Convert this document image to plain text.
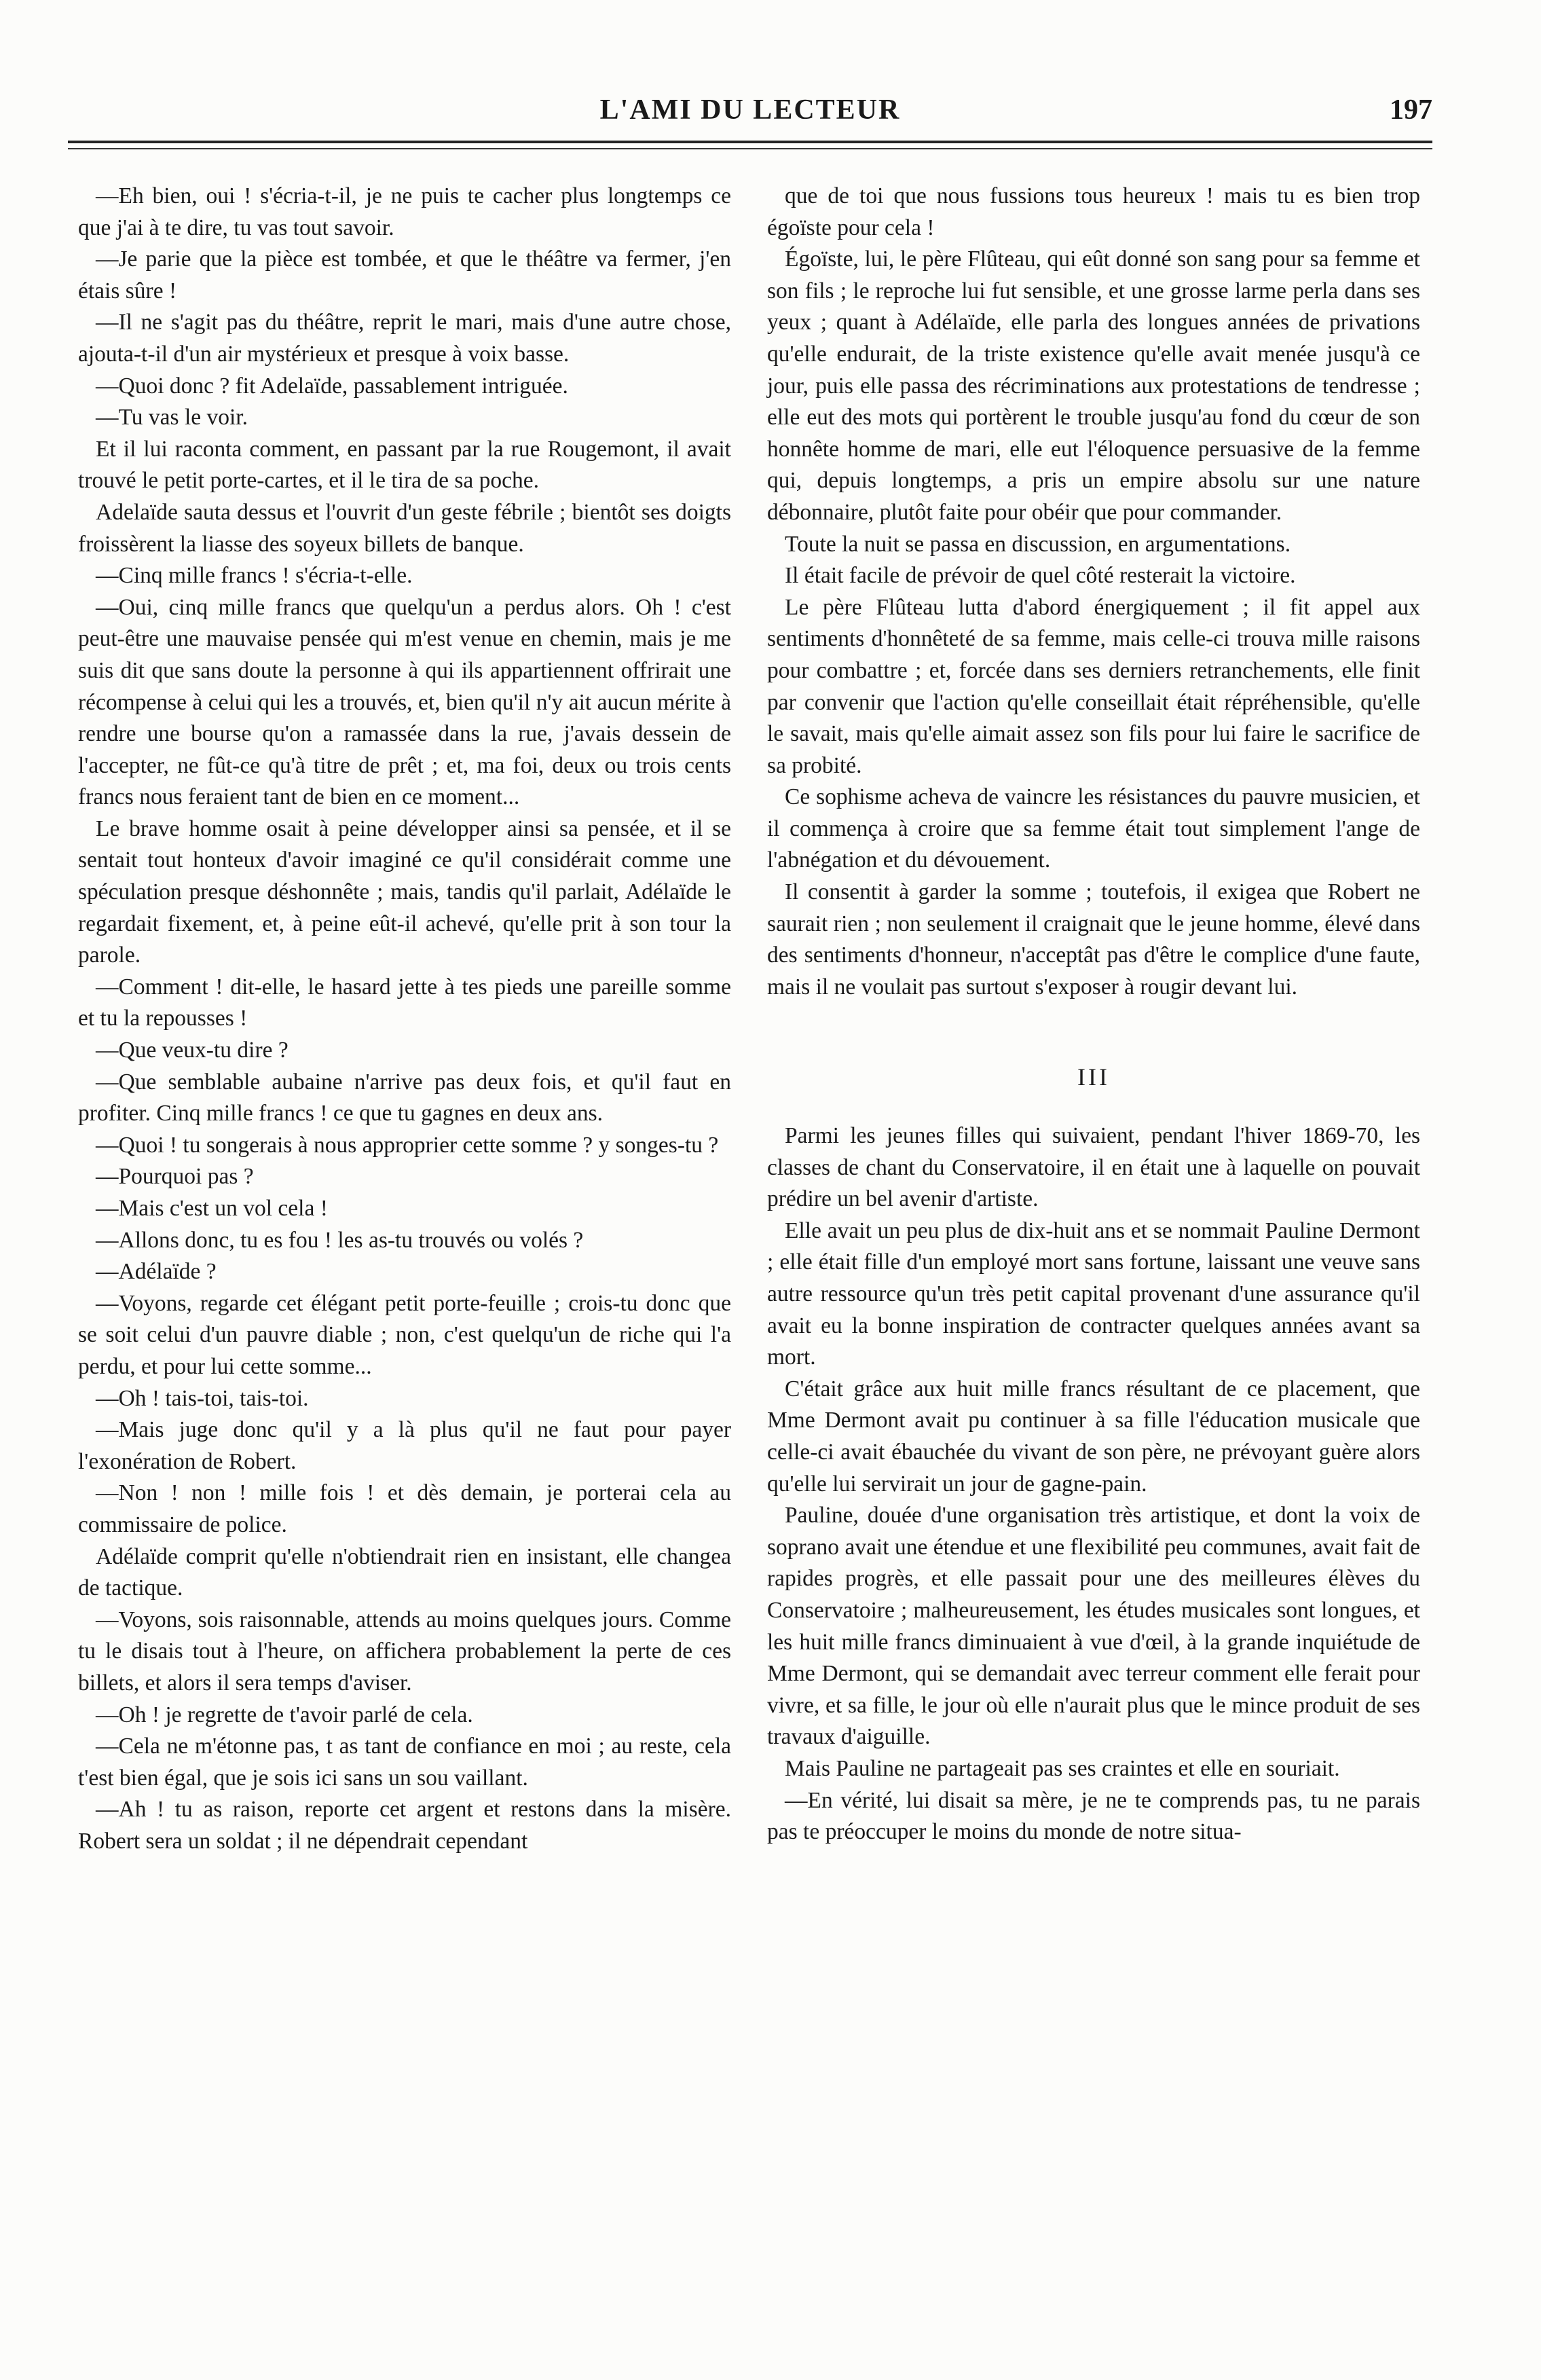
L'AMI DU LECTEUR	197

—Eh bien, oui ! s'écria-t-il, je ne puis te cacher plus longtemps ce que j'ai à te dire, tu vas tout savoir.

—Je parie que la pièce est tombée, et que le théâtre va fermer, j'en étais sûre !

—Il ne s'agit pas du théâtre, reprit le mari, mais d'une autre chose, ajouta-t-il d'un air mystérieux et presque à voix basse.

—Quoi donc ? fit Adelaïde, passablement intriguée.

—Tu vas le voir.

Et il lui raconta comment, en passant par la rue Rougemont, il avait trouvé le petit porte-cartes, et il le tira de sa poche.

Adelaïde sauta dessus et l'ouvrit d'un geste fébrile ; bientôt ses doigts froissèrent la liasse des soyeux billets de banque.

—Cinq mille francs ! s'écria-t-elle.

—Oui, cinq mille francs que quelqu'un a perdus alors. Oh ! c'est peut-être une mauvaise pensée qui m'est venue en chemin, mais je me suis dit que sans doute la personne à qui ils appartiennent offrirait une récompense à celui qui les a trouvés, et, bien qu'il n'y ait aucun mérite à rendre une bourse qu'on a ramassée dans la rue, j'avais dessein de l'accepter, ne fût-ce qu'à titre de prêt ; et, ma foi, deux ou trois cents francs nous feraient tant de bien en ce moment...

Le brave homme osait à peine développer ainsi sa pensée, et il se sentait tout honteux d'avoir imaginé ce qu'il considérait comme une spéculation presque déshonnête ; mais, tandis qu'il parlait, Adélaïde le regardait fixement, et, à peine eût-il achevé, qu'elle prit à son tour la parole.

—Comment ! dit-elle, le hasard jette à tes pieds une pareille somme et tu la repousses !

—Que veux-tu dire ?

—Que semblable aubaine n'arrive pas deux fois, et qu'il faut en profiter. Cinq mille francs ! ce que tu gagnes en deux ans.

—Quoi ! tu songerais à nous approprier cette somme ? y songes-tu ?

—Pourquoi pas ?

—Mais c'est un vol cela !

—Allons donc, tu es fou ! les as-tu trouvés ou volés ?

—Adélaïde ?

—Voyons, regarde cet élégant petit porte-feuille ; crois-tu donc que se soit celui d'un pauvre diable ; non, c'est quelqu'un de riche qui l'a perdu, et pour lui cette somme...

—Oh ! tais-toi, tais-toi.

—Mais juge donc qu'il y a là plus qu'il ne faut pour payer l'exonération de Robert.

—Non ! non ! mille fois ! et dès demain, je porterai cela au commissaire de police.

Adélaïde comprit qu'elle n'obtiendrait rien en insistant, elle changea de tactique.

—Voyons, sois raisonnable, attends au moins quelques jours. Comme tu le disais tout à l'heure, on affichera probablement la perte de ces billets, et alors il sera temps d'aviser.

—Oh ! je regrette de t'avoir parlé de cela.

—Cela ne m'étonne pas, t as tant de confiance en moi ; au reste, cela t'est bien égal, que je sois ici sans un sou vaillant.

—Ah ! tu as raison, reporte cet argent et restons dans la misère. Robert sera un soldat ; il ne dépendrait cependant

que de toi que nous fussions tous heureux ! mais tu es bien trop égoïste pour cela !

Égoïste, lui, le père Flûteau, qui eût donné son sang pour sa femme et son fils ; le reproche lui fut sensible, et une grosse larme perla dans ses yeux ; quant à Adélaïde, elle parla des longues années de privations qu'elle endurait, de la triste existence qu'elle avait menée jusqu'à ce jour, puis elle passa des récriminations aux protestations de tendresse ; elle eut des mots qui portèrent le trouble jusqu'au fond du cœur de son honnête homme de mari, elle eut l'éloquence persuasive de la femme qui, depuis longtemps, a pris un empire absolu sur une nature débonnaire, plutôt faite pour obéir que pour commander.

Toute la nuit se passa en discussion, en argumentations.

Il était facile de prévoir de quel côté resterait la victoire.

Le père Flûteau lutta d'abord énergiquement ; il fit appel aux sentiments d'honnêteté de sa femme, mais celle-ci trouva mille raisons pour combattre ; et, forcée dans ses derniers retranchements, elle finit par convenir que l'action qu'elle conseillait était répréhensible, qu'elle le savait, mais qu'elle aimait assez son fils pour lui faire le sacrifice de sa probité.

Ce sophisme acheva de vaincre les résistances du pauvre musicien, et il commença à croire que sa femme était tout simplement l'ange de l'abnégation et du dévouement.

Il consentit à garder la somme ; toutefois, il exigea que Robert ne saurait rien ; non seulement il craignait que le jeune homme, élevé dans des sentiments d'honneur, n'acceptât pas d'être le complice d'une faute, mais il ne voulait pas surtout s'exposer à rougir devant lui.

III

Parmi les jeunes filles qui suivaient, pendant l'hiver 1869-70, les classes de chant du Conservatoire, il en était une à laquelle on pouvait prédire un bel avenir d'artiste.

Elle avait un peu plus de dix-huit ans et se nommait Pauline Dermont ; elle était fille d'un employé mort sans fortune, laissant une veuve sans autre ressource qu'un très petit capital provenant d'une assurance qu'il avait eu la bonne inspiration de contracter quelques années avant sa mort.

C'était grâce aux huit mille francs résultant de ce placement, que Mme Dermont avait pu continuer à sa fille l'éducation musicale que celle-ci avait ébauchée du vivant de son père, ne prévoyant guère alors qu'elle lui servirait un jour de gagne-pain.

Pauline, douée d'une organisation très artistique, et dont la voix de soprano avait une étendue et une flexibilité peu communes, avait fait de rapides progrès, et elle passait pour une des meilleures élèves du Conservatoire ; malheureusement, les études musicales sont longues, et les huit mille francs diminuaient à vue d'œil, à la grande inquiétude de Mme Dermont, qui se demandait avec terreur comment elle ferait pour vivre, et sa fille, le jour où elle n'aurait plus que le mince produit de ses travaux d'aiguille.

Mais Pauline ne partageait pas ses craintes et elle en souriait.

—En vérité, lui disait sa mère, je ne te comprends pas, tu ne parais pas te préoccuper le moins du monde de notre situa-
